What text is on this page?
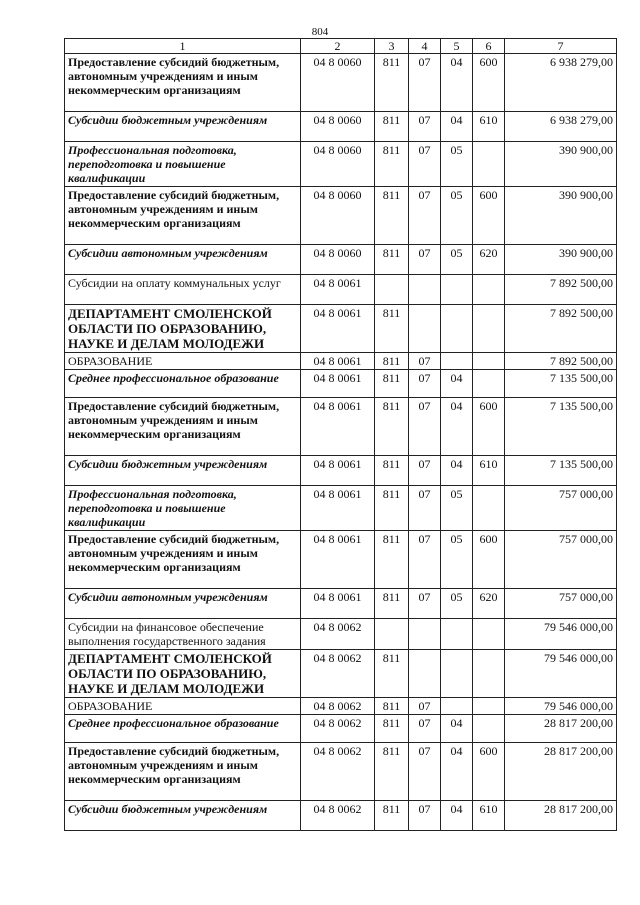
804
1	2	3	4	5	6	7
Предоставление субсидий бюджетным, автономным учреждениям и иным некоммерческим организациям	04 8 0060	811	07	04	600	6 938 279,00
Субсидии бюджетным учреждениям	04 8 0060	811	07	04	610	6 938 279,00
Профессиональная подготовка, переподготовка и повышение квалификации	04 8 0060	811	07	05		390 900,00
Предоставление субсидий бюджетным, автономным учреждениям и иным некоммерческим организациям	04 8 0060	811	07	05	600	390 900,00
Субсидии автономным учреждениям	04 8 0060	811	07	05	620	390 900,00
Субсидии на оплату коммунальных услуг	04 8 0061					7 892 500,00
ДЕПАРТАМЕНТ СМОЛЕНСКОЙ ОБЛАСТИ ПО ОБРАЗОВАНИЮ, НАУКЕ И ДЕЛАМ МОЛОДЕЖИ	04 8 0061	811				7 892 500,00
ОБРАЗОВАНИЕ	04 8 0061	811	07			7 892 500,00
Среднее профессиональное образование	04 8 0061	811	07	04		7 135 500,00
Предоставление субсидий бюджетным, автономным учреждениям и иным некоммерческим организациям	04 8 0061	811	07	04	600	7 135 500,00
Субсидии бюджетным учреждениям	04 8 0061	811	07	04	610	7 135 500,00
Профессиональная подготовка, переподготовка и повышение квалификации	04 8 0061	811	07	05		757 000,00
Предоставление субсидий бюджетным, автономным учреждениям и иным некоммерческим организациям	04 8 0061	811	07	05	600	757 000,00
Субсидии автономным учреждениям	04 8 0061	811	07	05	620	757 000,00
Субсидии на финансовое обеспечение выполнения государственного задания	04 8 0062					79 546 000,00
ДЕПАРТАМЕНТ СМОЛЕНСКОЙ ОБЛАСТИ ПО ОБРАЗОВАНИЮ, НАУКЕ И ДЕЛАМ МОЛОДЕЖИ	04 8 0062	811				79 546 000,00
ОБРАЗОВАНИЕ	04 8 0062	811	07			79 546 000,00
Среднее профессиональное образование	04 8 0062	811	07	04		28 817 200,00
Предоставление субсидий бюджетным, автономным учреждениям и иным некоммерческим организациям	04 8 0062	811	07	04	600	28 817 200,00
Субсидии бюджетным учреждениям	04 8 0062	811	07	04	610	28 817 200,00
